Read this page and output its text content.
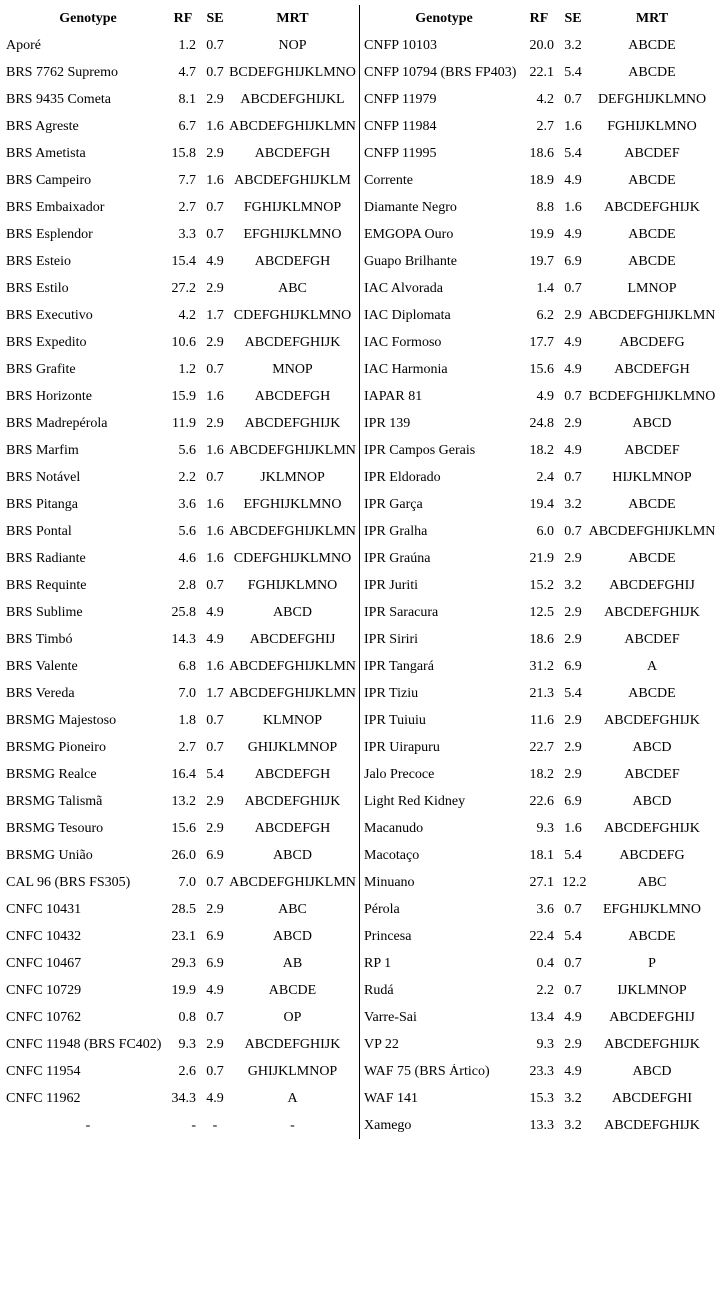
Genotype	RF SE	MRT
Aporé	1.2 0.7	NOP
BRS 7762 Supremo	4.7 0.7 BCDEFGHIJKLMNO
BRS 9435 Cometa	8.1 2.9	ABCDEFGHIJKL
BRS Agreste	6.7 1.6 ABCDEFGHIJKLMN
BRS Ametista	15.8 2.9	ABCDEFGH
BRS Campeiro	7.7 1.6 ABCDEFGHIJKLM
BRS Embaixador	2.7 0.7	FGHIJKLMNOP
BRS Esplendor	3.3 0.7	EFGHIJKLMNO
BRS Esteio	15.4 4.9	ABCDEFGH
BRS Estilo	27.2 2.9	ABC
BRS Executivo	4.2 1.7 CDEFGHIJKLMNO
BRS Expedito	10.6 2.9	ABCDEFGHIJK
BRS Grafite	1.2 0.7	MNOP
BRS Horizonte	15.9 1.6	ABCDEFGH
BRS Madrepérola	11.9 2.9	ABCDEFGHIJK
BRS Marfim	5.6 1.6 ABCDEFGHIJKLMN
BRS Notável	2.2 0.7	JKLMNOP
BRS Pitanga	3.6 1.6	EFGHIJKLMNO
BRS Pontal	5.6 1.6 ABCDEFGHIJKLMN
BRS Radiante	4.6 1.6 CDEFGHIJKLMNO
BRS Requinte	2.8 0.7	FGHIJKLMNO
BRS Sublime	25.8 4.9	ABCD
BRS Timbó	14.3 4.9	ABCDEFGHIJ
BRS Valente	6.8 1.6 ABCDEFGHIJKLMN
BRS Vereda	7.0 1.7 ABCDEFGHIJKLMN
BRSMG Majestoso	1.8 0.7	KLMNOP
BRSMG Pioneiro	2.7 0.7	GHIJKLMNOP
BRSMG Realce	16.4 5.4	ABCDEFGH
BRSMG Talismã	13.2 2.9	ABCDEFGHIJK
BRSMG Tesouro	15.6 2.9	ABCDEFGH
BRSMG União	26.0 6.9	ABCD
CAL 96 (BRS FS305)	7.0 0.7 ABCDEFGHIJKLMN
CNFC 10431	28.5 2.9	ABC
CNFC 10432	23.1 6.9	ABCD
CNFC 10467	29.3 6.9	AB
CNFC 10729	19.9 4.9	ABCDE
CNFC 10762	0.8 0.7	OP
CNFC 11948 (BRS FC402)	9.3 2.9	ABCDEFGHIJK
CNFC 11954	2.6 0.7	GHIJKLMNOP
CNFC 11962	34.3 4.9	A
-	-	-	-
Genotype	RF	SE	MRT
CNFP 10103	20.0 3.2	ABCDE
CNFP 10794 (BRS FP403) 22.1 5.4	ABCDE
CNFP 11979	4.2 0.7	DEFGHIJKLMNO
CNFP 11984	2.7 1.6	FGHIJKLMNO
CNFP 11995	18.6 5.4	ABCDEF
Corrente	18.9 4.9	ABCDE
Diamante Negro	8.8 1.6	ABCDEFGHIJK
EMGOPA Ouro	19.9 4.9	ABCDE
Guapo Brilhante	19.7 6.9	ABCDE
IAC Alvorada	1.4 0.7	LMNOP
IAC Diplomata	6.2 2.9 ABCDEFGHIJKLMN
IAC Formoso	17.7 4.9	ABCDEFG
IAC Harmonia	15.6 4.9	ABCDEFGH
IAPAR 81	4.9 0.7 BCDEFGHIJKLMNO
IPR 139	24.8 2.9	ABCD
IPR Campos Gerais	18.2 4.9	ABCDEF
IPR Eldorado	2.4 0.7	HIJKLMNOP
IPR Garça	19.4 3.2	ABCDE
IPR Gralha	6.0 0.7 ABCDEFGHIJKLMN
IPR Graúna	21.9 2.9	ABCDE
IPR Juriti	15.2 3.2	ABCDEFGHIJ
IPR Saracura	12.5 2.9	ABCDEFGHIJK
IPR Siriri	18.6 2.9	ABCDEF
IPR Tangará	31.2 6.9	A
IPR Tiziu	21.3 5.4	ABCDE
IPR Tuiuiu	11.6 2.9	ABCDEFGHIJK
IPR Uirapuru	22.7 2.9	ABCD
Jalo Precoce	18.2 2.9	ABCDEF
Light Red Kidney	22.6 6.9	ABCD
Macanudo	9.3 1.6	ABCDEFGHIJK
Macotaço	18.1 5.4	ABCDEFG
Minuano	27.1 12.2	ABC
Pérola	3.6 0.7	EFGHIJKLMNO
Princesa	22.4 5.4	ABCDE
RP 1	0.4 0.7	P
Rudá	2.2 0.7	IJKLMNOP
Varre-Sai	13.4 4.9	ABCDEFGHIJ
VP 22	9.3 2.9	ABCDEFGHIJK
WAF 75 (BRS Ártico)	23.3 4.9	ABCD
WAF 141	15.3 3.2	ABCDEFGHI
Xamego	13.3 3.2	ABCDEFGHIJK
